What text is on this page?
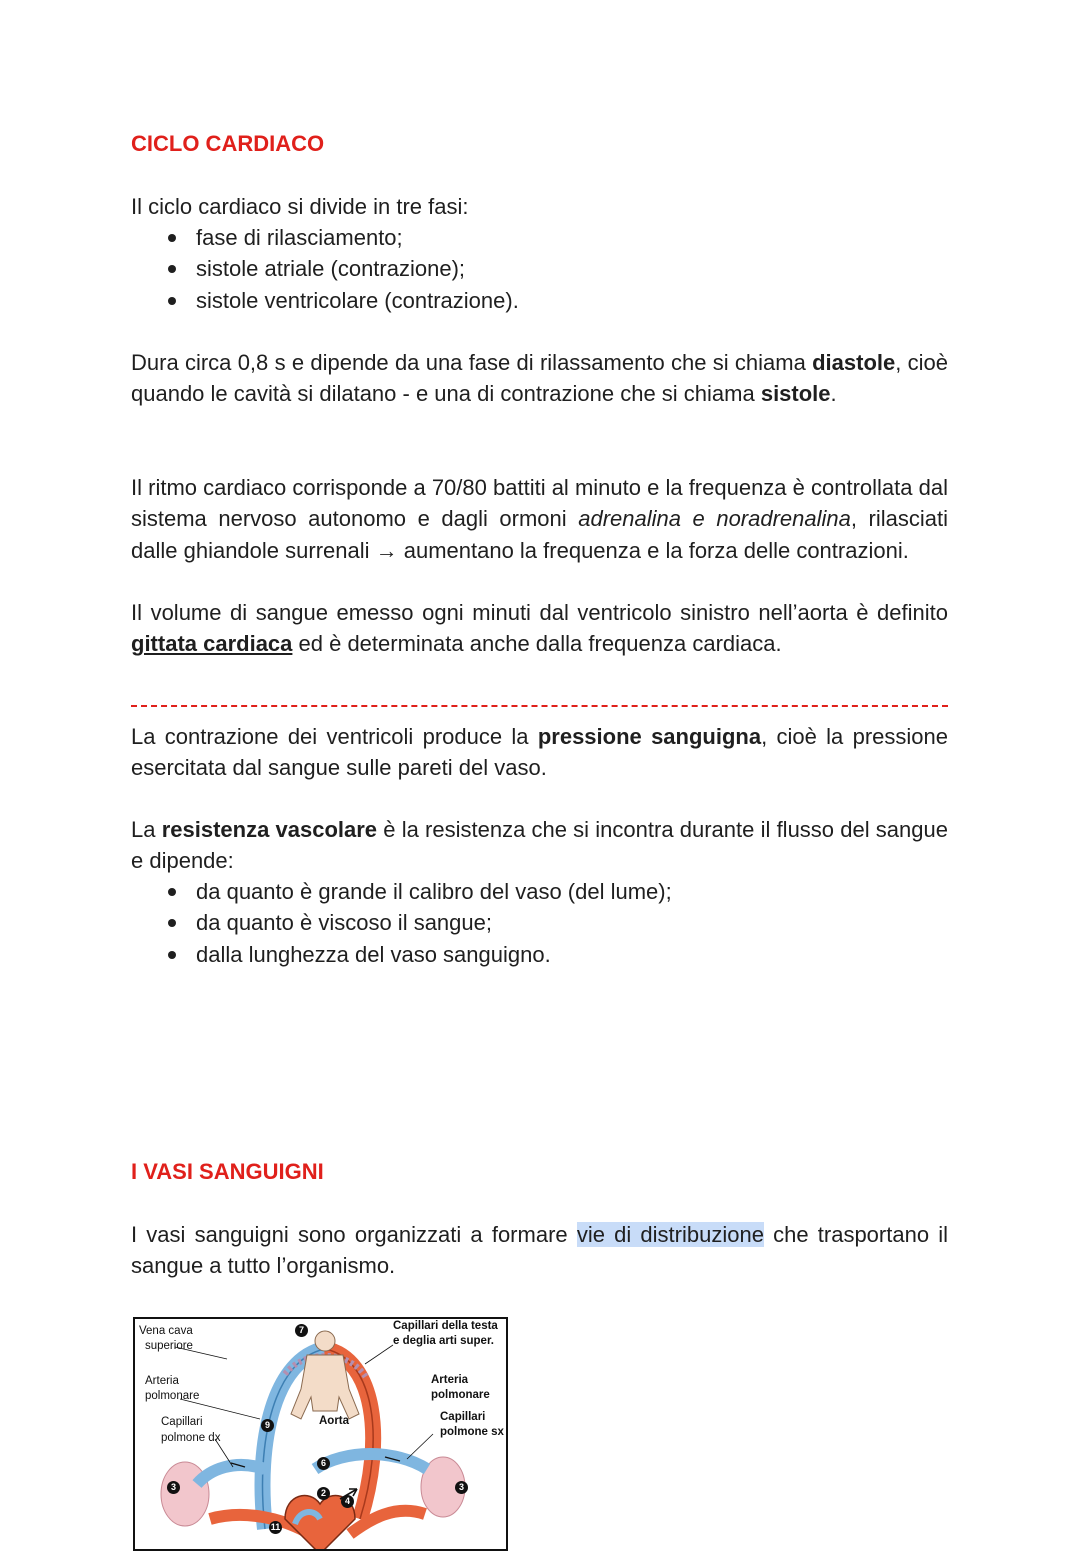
CICLO CARDIACO

Il ciclo cardiaco si divide in tre fasi:

fase di rilasciamento;
sistole atriale (contrazione);
sistole ventricolare (contrazione).

Dura circa 0,8 s e dipende da una fase di rilassamento che si chiama diastole, cioè quando le cavità si dilatano - e una di contrazione che si chiama sistole.

Il ritmo cardiaco corrisponde a 70/80 battiti al minuto e la frequenza è controllata dal sistema nervoso autonomo e dagli ormoni adrenalina e noradrenalina, rilasciati dalle ghiandole surrenali → aumentano la frequenza e la forza delle contrazioni.

Il volume di sangue emesso ogni minuti dal ventricolo sinistro nell’aorta è definito gittata cardiaca ed è determinata anche dalla frequenza cardiaca.

La contrazione dei ventricoli produce la pressione sanguigna, cioè la pressione esercitata dal sangue sulle pareti del vaso.

La resistenza vascolare è la resistenza che si incontra durante il flusso del sangue e dipende:

da quanto è grande il calibro del vaso (del lume);
da quanto è viscoso il sangue;
dalla lunghezza del vaso sanguigno.
I VASI SANGUIGNI

I vasi sanguigni sono organizzati a formare vie di distribuzione che trasportano il sangue a tutto l’organismo.

Vena cava
superiore
Arteria
polmonare
Capillari
polmone dx
Capillari della testa
e deglia arti super.
Aorta
Arteria
polmonare
Capillari
polmone sx
7
9
6
2
4
3	3
11
